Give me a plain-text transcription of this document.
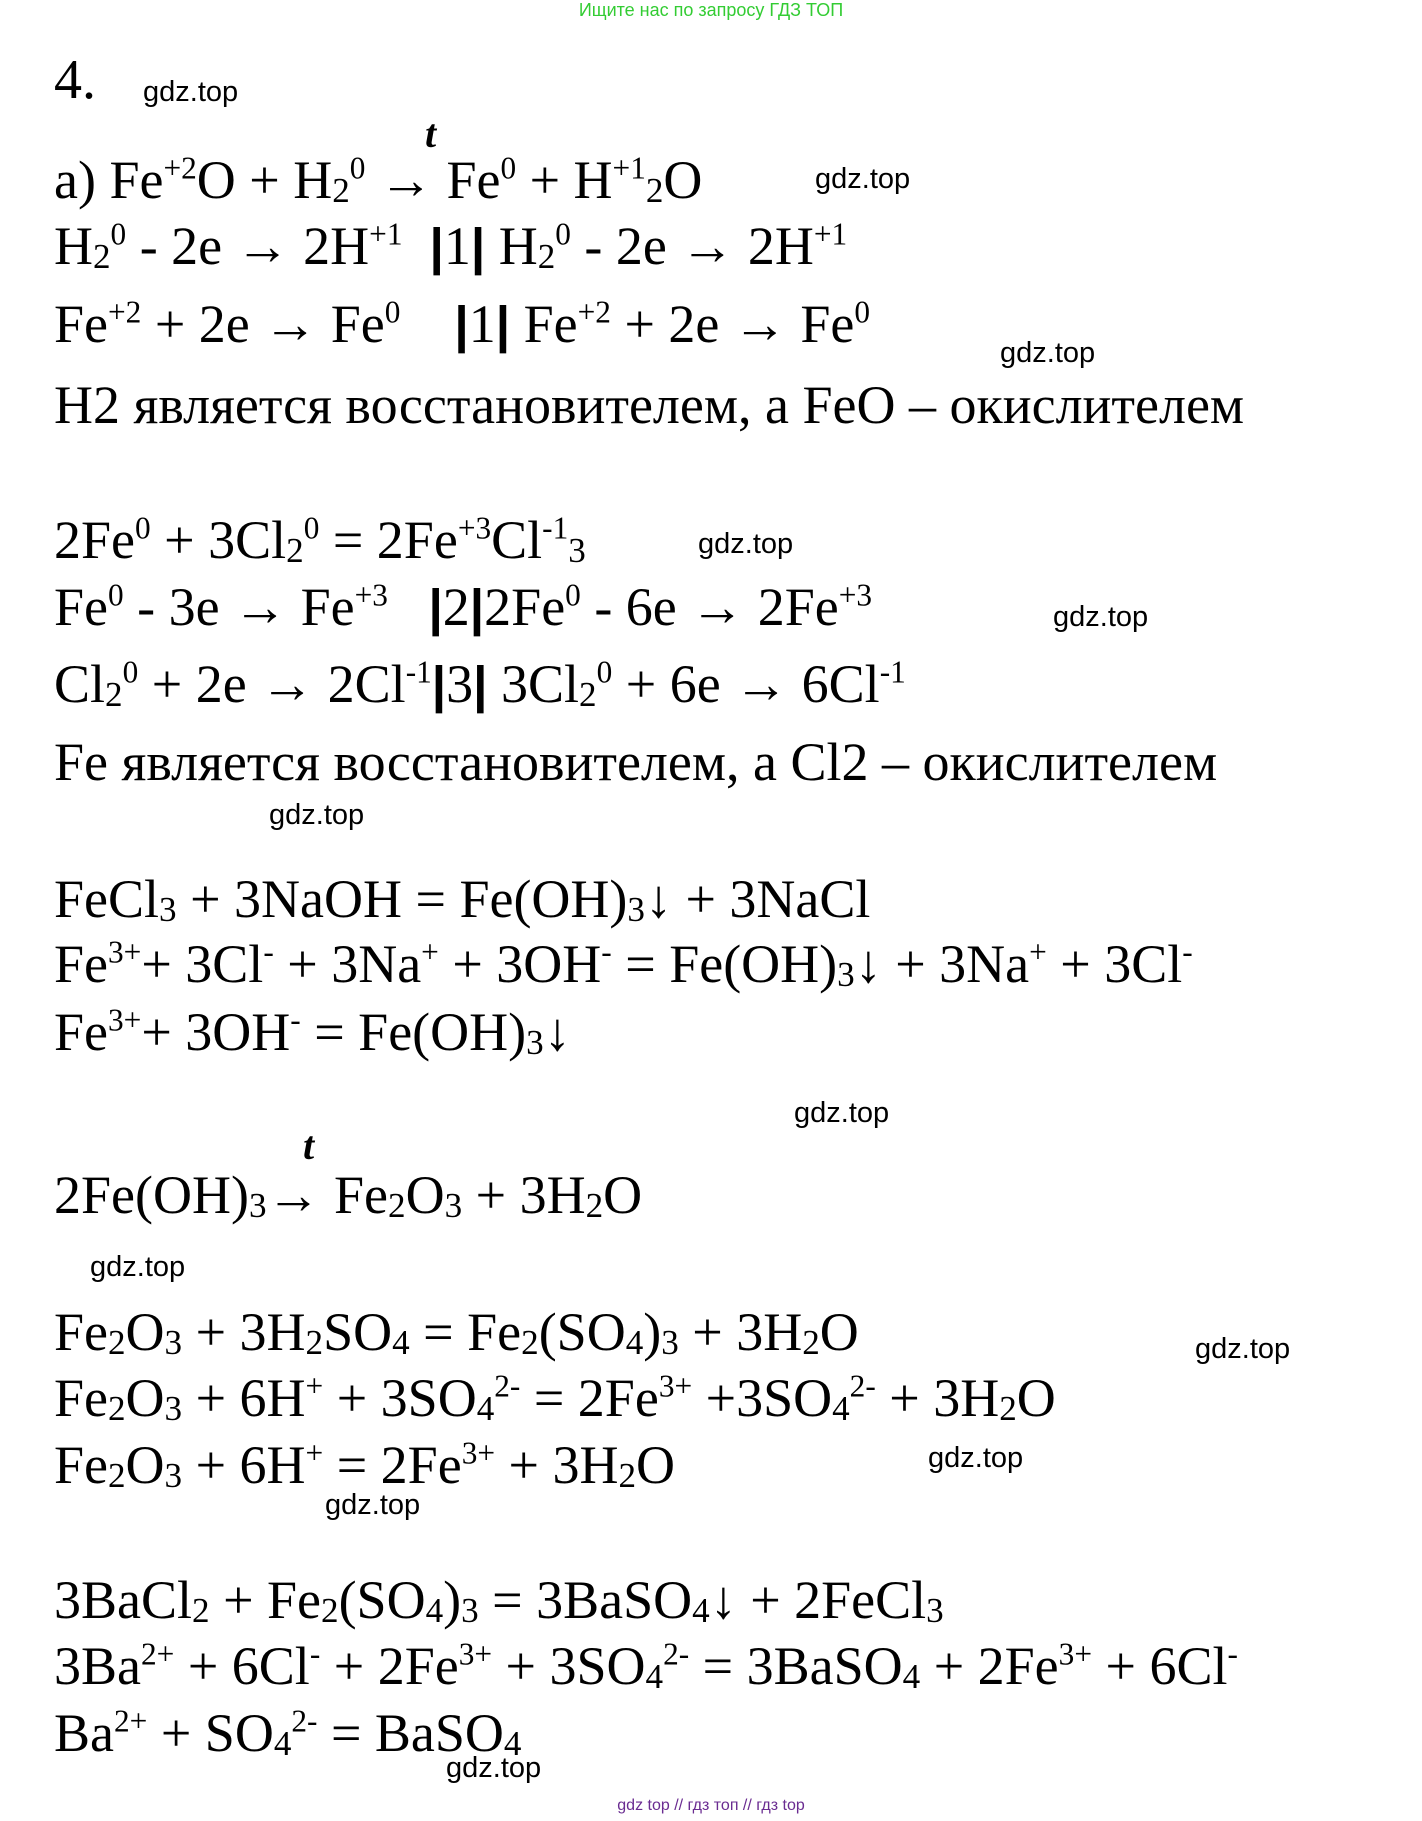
Ищите нас по запросу ГДЗ ТОП
4. gdz.top
t
а) $Fe^{+2}O + H_2^0 \to Fe^0 + H^{+1}_2O$	gdz.top
$H_2^0 - 2e \to 2H^{+1}$ |1| $H_2^0 - 2e \to 2H^{+1}$
$Fe^{+2} + 2e \to Fe^0$ |1| $Fe^{+2} + 2e \to Fe^0$
gdz.top
H2 является восстановителем, а FeO – окислителем
$2Fe^0 + 3Cl_2^0 = 2Fe^{+3}Cl^{-1}_3$	gdz.top
$Fe^0 - 3e \to Fe^{+3}$ $|2|2Fe^0 - 6e \to 2Fe^{+3}$
gdz.top
$Cl_2^0 + 2e \to 2Cl^{-1}|3|$ $3Cl_2^0 + 6e \to 6Cl^{-1}$
Fe является восстановителем, а Cl2 – окислителем
gdz.top
FeCl$_3$ + 3NaOH = $Fe(OH)_3↓$ + 3NaCl
$Fe^{3+}+ 3Cl^- + 3Na^+ + 3OH^-$ = $Fe(OH)_3↓ + 3Na^+ + 3Cl^-$
$Fe^{3+}+ 3OH^-$ = $Fe(OH)_3↓$
gdz.top
t
$2Fe(OH)_3\to Fe_2O_3 + 3H_2O$
gdz.top
$Fe_2O_3 + 3H_2SO_4 = Fe_2(SO_4)_3 + 3H_2O$	gdz.top
$Fe_2O_3 + 6H^+ + 3SO_4^{2-} = 2Fe^{3+} +3SO_4^{2-} + 3H_2O$
$Fe_2O_3 + 6H^+ = 2Fe^{3+} + 3H_2O$	gdz.top
gdz.top
3BaCl$_2$ + $Fe_2(SO_4)_3$ = 3BaSO$_4$↓ + 2FeCl$_3$
$3Ba^{2+} + 6Cl^- + 2Fe^{3+} + 3SO_4^{2-}$ = 3BaSO$_4$ + $2Fe^{3+} + 6Cl^-$
$Ba^{2+} + SO_4^{2-}$ = BaSO$_4$
gdz.top
gdz top // гдз топ // гдз top
